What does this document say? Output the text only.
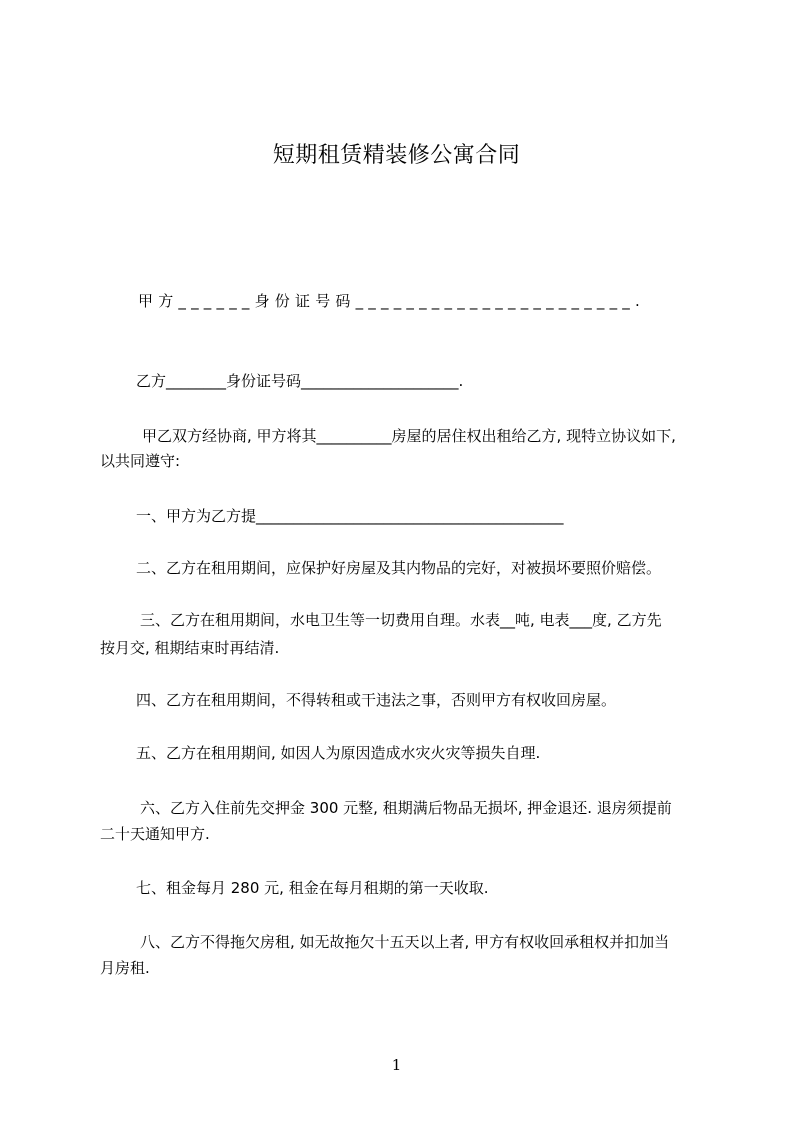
短期租赁精装修公寓合同
甲方______身份证号码______________________.
乙方________身份证号码_____________________.
甲乙双方经协商, 甲方将其__________房屋的居住权出租给乙方, 现特立协议如下,
以共同遵守:
一、甲方为乙方提_________________________________________
二、乙方在租用期间，应保护好房屋及其内物品的完好，对被损坏要照价赔偿。
三、乙方在租用期间，水电卫生等一切费用自理。水表__吨, 电表___度, 乙方先
按月交, 租期结束时再结清.
四、乙方在租用期间，不得转租或干违法之事，否则甲方有权收回房屋。
五、乙方在租用期间, 如因人为原因造成水灾火灾等损失自理.
六、乙方入住前先交押金 300 元整, 租期满后物品无损坏, 押金退还. 退房须提前
二十天通知甲方.
七、租金每月 280 元, 租金在每月租期的第一天收取.
八、乙方不得拖欠房租, 如无故拖欠十五天以上者, 甲方有权收回承租权并扣加当
月房租.
1
